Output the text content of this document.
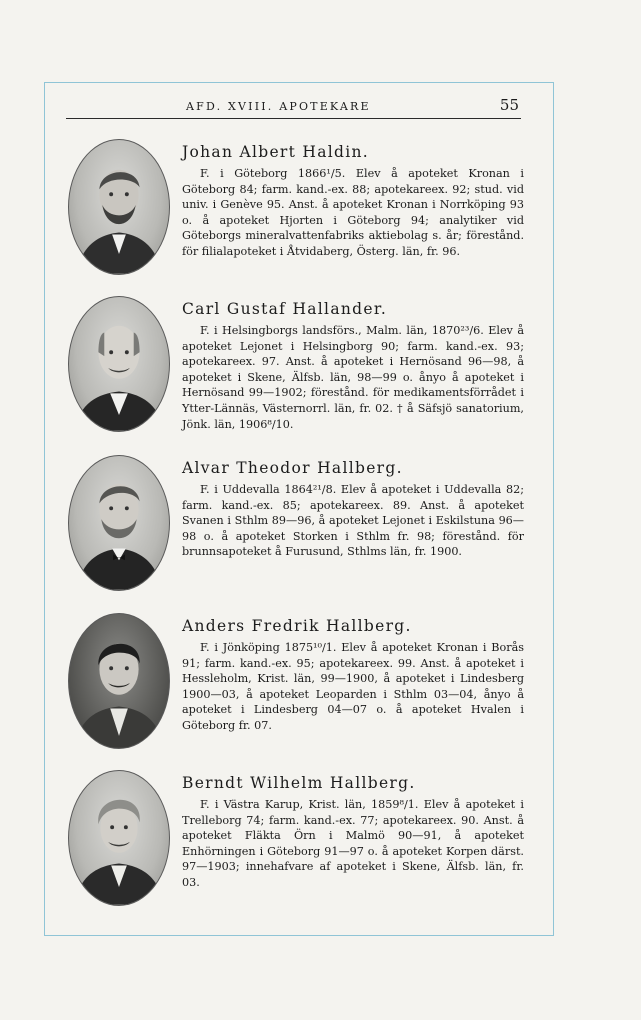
AFD. XVIII. APOTEKARE	55

Johan Albert Haldin.

F. i Göteborg 1866¹/5. Elev å apoteket Kronan i Göteborg 84; farm. kand.-ex. 88; apotekareex. 92; stud. vid univ. i Genève 95. Anst. å apoteket Kronan i Norrköping 93 o. å apoteket Hjorten i Göteborg 94; analytiker vid Göteborgs mineralvattenfabriks aktiebolag s. år; förestånd. för filialapoteket i Åtvidaberg, Österg. län, fr. 96.

Carl Gustaf Hallander.

F. i Helsingborgs landsförs., Malm. län, 1870²³/6. Elev å apoteket Lejonet i Helsingborg 90; farm. kand.-ex. 93; apotekareex. 97. Anst. å apoteket i Hernösand 96—98, å apoteket i Skene, Älfsb. län, 98—99 o. ånyo å apoteket i Hernösand 99—1902; förestånd. för medikamentsförrådet i Ytter-Lännäs, Västernorrl. län, fr. 02. † å Säfsjö sanatorium, Jönk. län, 1906⁸/10.

Alvar Theodor Hallberg.

F. i Uddevalla 1864²¹/8. Elev å apoteket i Uddevalla 82; farm. kand.-ex. 85; apotekareex. 89. Anst. å apoteket Svanen i Sthlm 89—96, å apoteket Lejonet i Eskilstuna 96—98 o. å apoteket Storken i Sthlm fr. 98; förestånd. för brunnsapoteket å Furusund, Sthlms län, fr. 1900.

Anders Fredrik Hallberg.

F. i Jönköping 1875¹⁰/1. Elev å apoteket Kronan i Borås 91; farm. kand.-ex. 95; apotekareex. 99. Anst. å apoteket i Hessleholm, Krist. län, 99—1900, å apoteket i Lindesberg 1900—03, å apoteket Leoparden i Sthlm 03—04, ånyo å apoteket i Lindesberg 04—07 o. å apoteket Hvalen i Göteborg fr. 07.

Berndt Wilhelm Hallberg.

F. i Västra Karup, Krist. län, 1859⁸/1. Elev å apoteket i Trelleborg 74; farm. kand.-ex. 77; apotekareex. 90. Anst. å apoteket Fläkta Örn i Malmö 90—91, å apoteket Enhörningen i Göteborg 91—97 o. å apoteket Korpen därst. 97—1903; innehafvare af apoteket i Skene, Älfsb. län, fr. 03.
